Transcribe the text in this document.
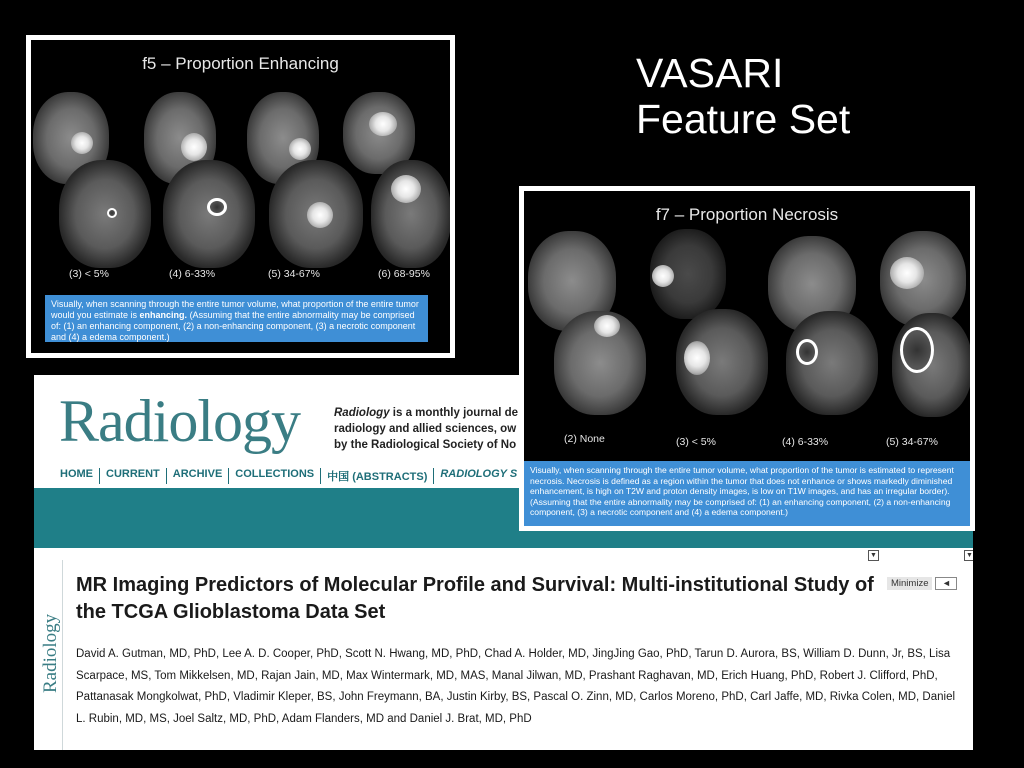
VASARI
Feature Set
f5 – Proportion Enhancing
(3) < 5%	(4) 6-33%	(5) 34-67%	(6) 68-95%
Visually, when scanning through the entire tumor volume, what proportion of the entire tumor would you estimate is enhancing. (Assuming that the entire abnormality may be comprised of: (1) an enhancing component, (2) a non-enhancing component, (3) a necrotic component and (4) a edema component.)
Radiology	Radiology is a monthly journal de
radiology and allied sciences, ow
by the Radiological Society of No
HOME	CURRENT	ARCHIVE	COLLECTIONS	中国 (ABSTRACTS)	RADIOLOGY S
▼	▼
Radiology
MR Imaging Predictors of Molecular Profile and Survival: Multi-institutional Study of the TCGA Glioblastoma Data Set
Minimize	◄
David A. Gutman, MD, PhD, Lee A. D. Cooper, PhD, Scott N. Hwang, MD, PhD, Chad A. Holder, MD, JingJing Gao, PhD, Tarun D. Aurora, BS, William D. Dunn, Jr, BS, Lisa Scarpace, MS, Tom Mikkelsen, MD, Rajan Jain, MD, Max Wintermark, MD, MAS, Manal Jilwan, MD, Prashant Raghavan, MD, Erich Huang, PhD, Robert J. Clifford, PhD, Pattanasak Mongkolwat, PhD, Vladimir Kleper, BS, John Freymann, BA, Justin Kirby, BS, Pascal O. Zinn, MD, Carlos Moreno, PhD, Carl Jaffe, MD, Rivka Colen, MD, Daniel L. Rubin, MD, MS, Joel Saltz, MD, PhD, Adam Flanders, MD and Daniel J. Brat, MD, PhD
f7 – Proportion Necrosis
(2) None	(3) < 5%	(4) 6-33%	(5) 34-67%
Visually, when scanning through the entire tumor volume, what proportion of the tumor is estimated to represent necrosis. Necrosis is defined as a region within the tumor that does not enhance or shows markedly diminished enhancement, is high on T2W and proton density images, is low on T1W images, and has an irregular border). (Assuming that the entire abnormality may be comprised of: (1) an enhancing component, (2) a non-enhancing component, (3) a necrotic component and (4) a edema component.)
